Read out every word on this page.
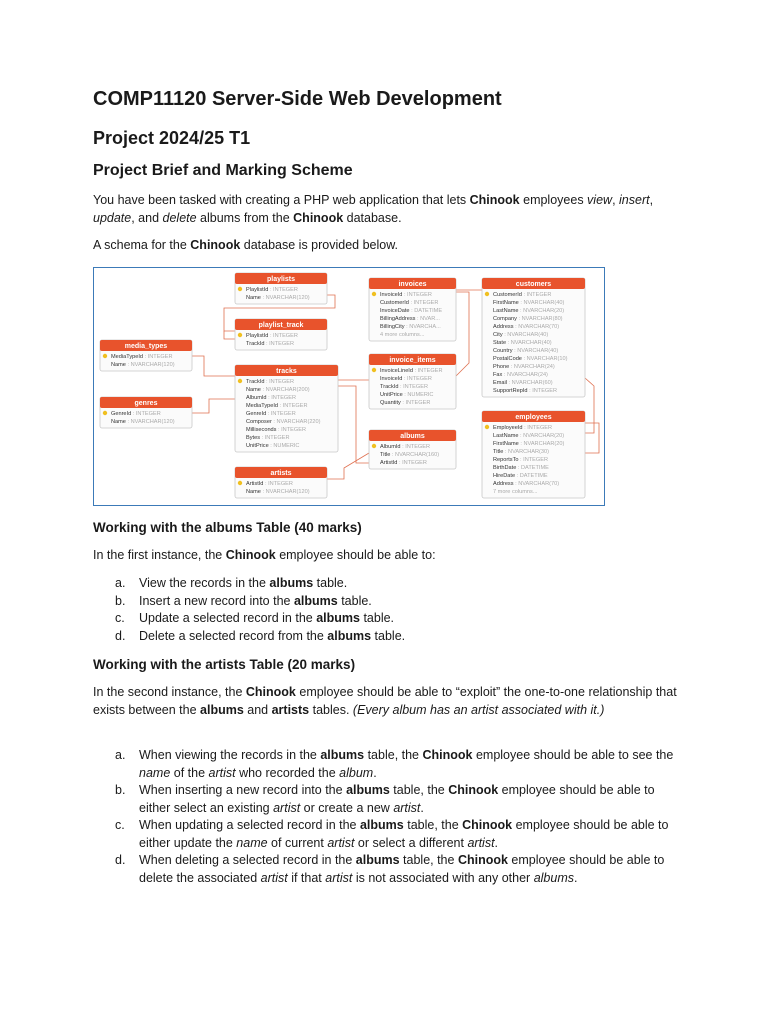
COMP11120 Server-Side Web Development
Project 2024/25 T1
Project Brief and Marking Scheme

You have been tasked with creating a PHP web application that lets Chinook employees view, insert, update, and delete albums from the Chinook database.

A schema for the Chinook database is provided below.

playlists
PlaylistId : INTEGER
Name : NVARCHAR(120)
playlist_track
PlaylistId : INTEGER
TrackId : INTEGER
media_types
MediaTypeId : INTEGER
Name : NVARCHAR(120)
genres
GenreId : INTEGER
Name : NVARCHAR(120)
tracks
TrackId : INTEGER
Name : NVARCHAR(200)
AlbumId : INTEGER
MediaTypeId : INTEGER
GenreId : INTEGER
Composer : NVARCHAR(220)
Milliseconds : INTEGER
Bytes : INTEGER
UnitPrice : NUMERIC
artists
ArtistId : INTEGER
Name : NVARCHAR(120)
invoices
InvoiceId : INTEGER
CustomerId : INTEGER
InvoiceDate : DATETIME
BillingAddress : NVAR...
BillingCity : NVARCHA...
4 more columns...
invoice_items
InvoiceLineId : INTEGER
InvoiceId : INTEGER
TrackId : INTEGER
UnitPrice : NUMERIC
Quantity : INTEGER
albums
AlbumId : INTEGER
Title : NVARCHAR(160)
ArtistId : INTEGER
customers
CustomerId : INTEGER
FirstName : NVARCHAR(40)
LastName : NVARCHAR(20)
Company : NVARCHAR(80)
Address : NVARCHAR(70)
City : NVARCHAR(40)
State : NVARCHAR(40)
Country : NVARCHAR(40)
PostalCode : NVARCHAR(10)
Phone : NVARCHAR(24)
Fax : NVARCHAR(24)
Email : NVARCHAR(60)
SupportRepId : INTEGER
employees
EmployeeId : INTEGER
LastName : NVARCHAR(20)
FirstName : NVARCHAR(20)
Title : NVARCHAR(30)
ReportsTo : INTEGER
BirthDate : DATETIME
HireDate : DATETIME
Address : NVARCHAR(70)
7 more columns...
Working with the albums Table (40 marks)

In the first instance, the Chinook employee should be able to:

a. View the records in the albums table.
b. Insert a new record into the albums table.
c. Update a selected record in the albums table.
d. Delete a selected record from the albums table.
Working with the artists Table (20 marks)

In the second instance, the Chinook employee should be able to “exploit” the one-to-one relationship that exists between the albums and artists tables. (Every album has an artist associated with it.)

a. When viewing the records in the albums table, the Chinook employee should be able to see the name of the artist who recorded the album.
b. When inserting a new record into the albums table, the Chinook employee should be able to either select an existing artist or create a new artist.
c. When updating a selected record in the albums table, the Chinook employee should be able to either update the name of current artist or select a different artist.
d. When deleting a selected record in the albums table, the Chinook employee should be able to delete the associated artist if that artist is not associated with any other albums.
